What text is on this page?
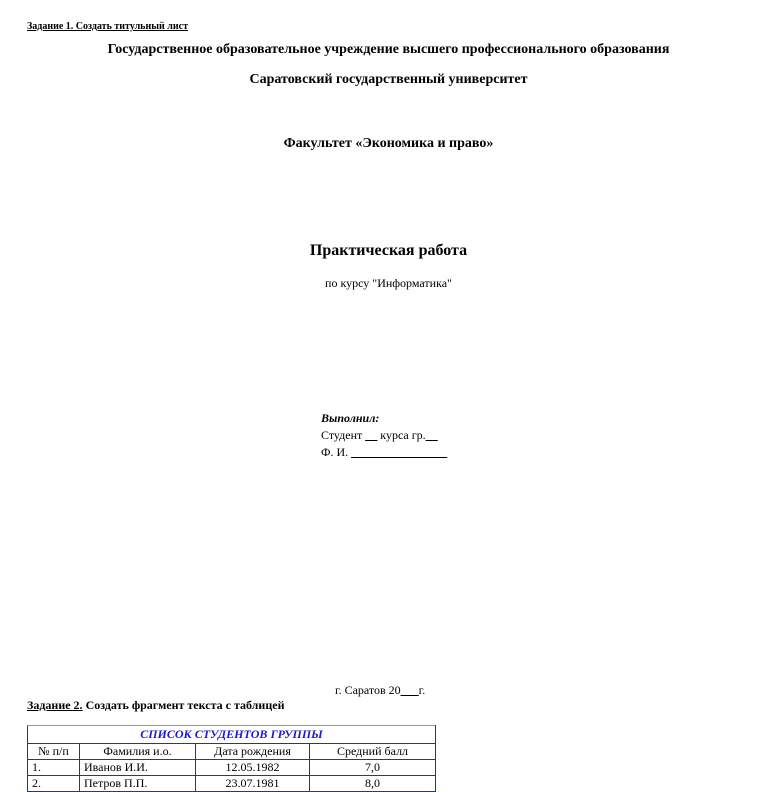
Задание 1. Создать титульный лист
Государственное образовательное учреждение высшего профессионального образования
Саратовский государственный университет
Факультет «Экономика и право»
Практическая работа
по курсу "Информатика"
Выполнил:
Студент __ курса гр.__
Ф. И. ________________
г. Саратов 20___г.
Задание 2. Создать фрагмент текста с таблицей
СПИСОК СТУДЕНТОВ ГРУППЫ			
№ п/п	Фамилия и.о.	Дата рождения	Средний балл
1.	Иванов И.И.	12.05.1982	7,0
2.	Петров П.П.	23.07.1981	8,0
